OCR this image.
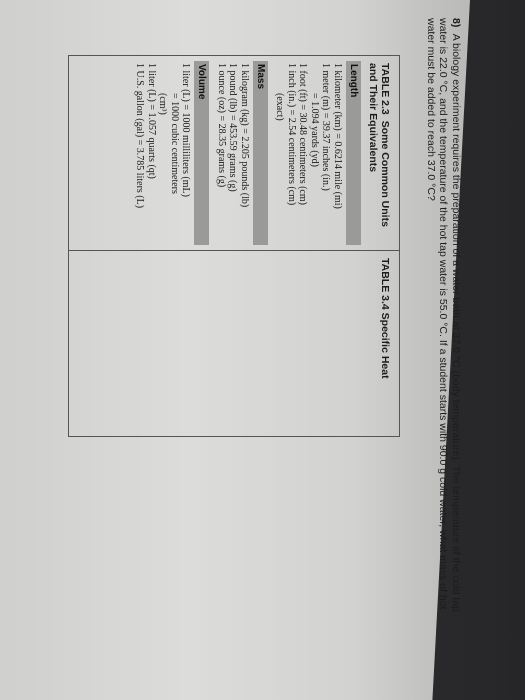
8) A biology experiment requires the preparation of a water bath at 37.0 °C (body temperature). The temperature of the cold tap water is 22.0 °C, and the temperature of the hot tap water is 55.0 °C. If a student starts with 90.0 g cold water, what mass of hot water must be added to reach 37.0 °C?
TABLE 2.3Some Common Units and Their Equivalents
Length
1 kilometer (km) = 0.6214 mile (mi)
1 meter (m) = 39.37 inches (in.)
= 1.094 yards (yd)
1 foot (ft) = 30.48 centimeters (cm)
1 inch (in.) = 2.54 centimeters (cm)
(exact)
Mass
1 kilogram (kg) = 2.205 pounds (lb)
1 pound (lb) = 453.59 grams (g)
1 ounce (oz) = 28.35 grams (g)
Volume
1 liter (L) = 1000 milliliters (mL)
= 1000 cubic centimeters
(cm³)
1 liter (L) = 1.057 quarts (qt)
1 U.S. gallon (gal) = 3.785 liters (L)
TABLE 3.4 Specific Heat
